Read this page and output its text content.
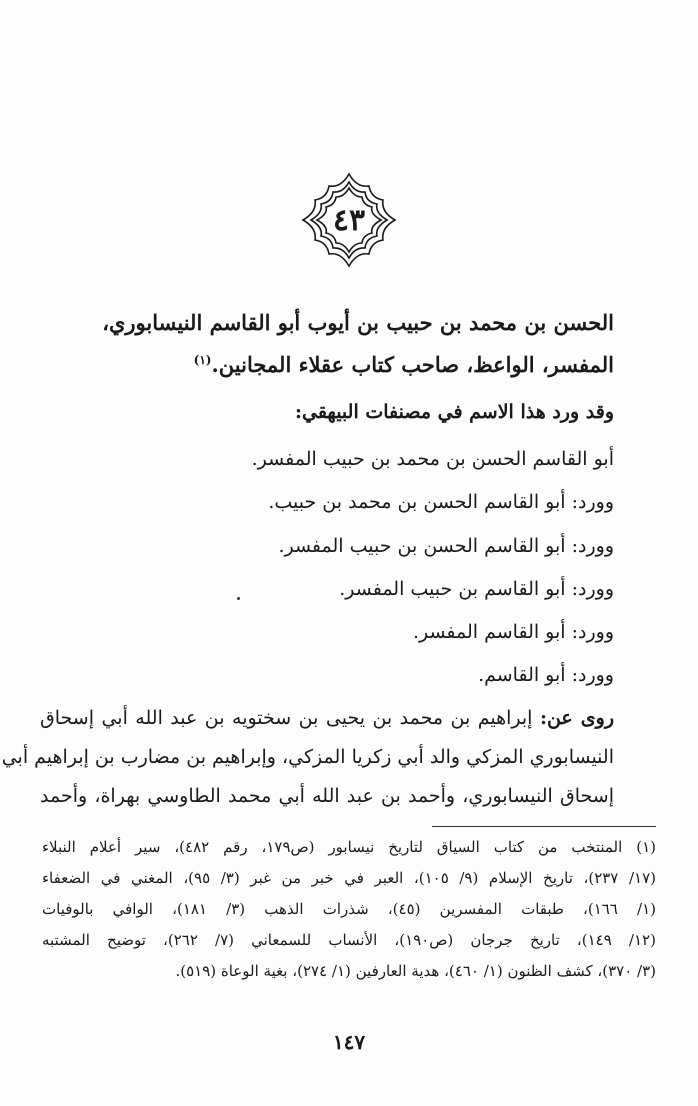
٤٣
الحسن بن محمد بن حبيب بن أيوب أبو القاسم النيسابوري،
المفسر، الواعظ، صاحب كتاب عقلاء المجانين.$^{(١)}$
وقد ورد هذا الاسم في مصنفات البيهقي:
أبو القاسم الحسن بن محمد بن حبيب المفسر.
وورد: أبو القاسم الحسن بن محمد بن حبيب.
وورد: أبو القاسم الحسن بن حبيب المفسر.
وورد: أبو القاسم بن حبيب المفسر.
وورد: أبو القاسم المفسر.
وورد: أبو القاسم.
روى عن: إبراهيم بن محمد بن يحيى بن سختويه بن عبد الله أبي إسحاق
النيسابوري المزكي والد أبي زكريا المزكي، وإبراهيم بن مضارب بن إبراهيم أبي
إسحاق النيسابوري، وأحمد بن عبد الله أبي محمد الطاوسي بهراة، وأحمد
(١) المنتخب من كتاب السياق لتاريخ نيسابور (ص١٧٩، رقم ٤٨٢)، سير أعلام النبلاء
(١٧/ ٢٣٧)، تاريخ الإسلام (٩/ ١٠٥)، العبر في خبر من غبر (٣/ ٩٥)، المغني في الضعفاء
(١/ ١٦٦)، طبقات المفسرين (٤٥)، شذرات الذهب (٣/ ١٨١)، الوافي بالوفيات
(١٢/ ١٤٩)، تاريخ جرجان (ص١٩٠)، الأنساب للسمعاني (٧/ ٢٦٢)، توضيح المشتبه
(٣/ ٣٧٠)، كشف الظنون (١/ ٤٦٠)، هدية العارفين (١/ ٢٧٤)، بغية الوعاة (٥١٩).
١٤٧
